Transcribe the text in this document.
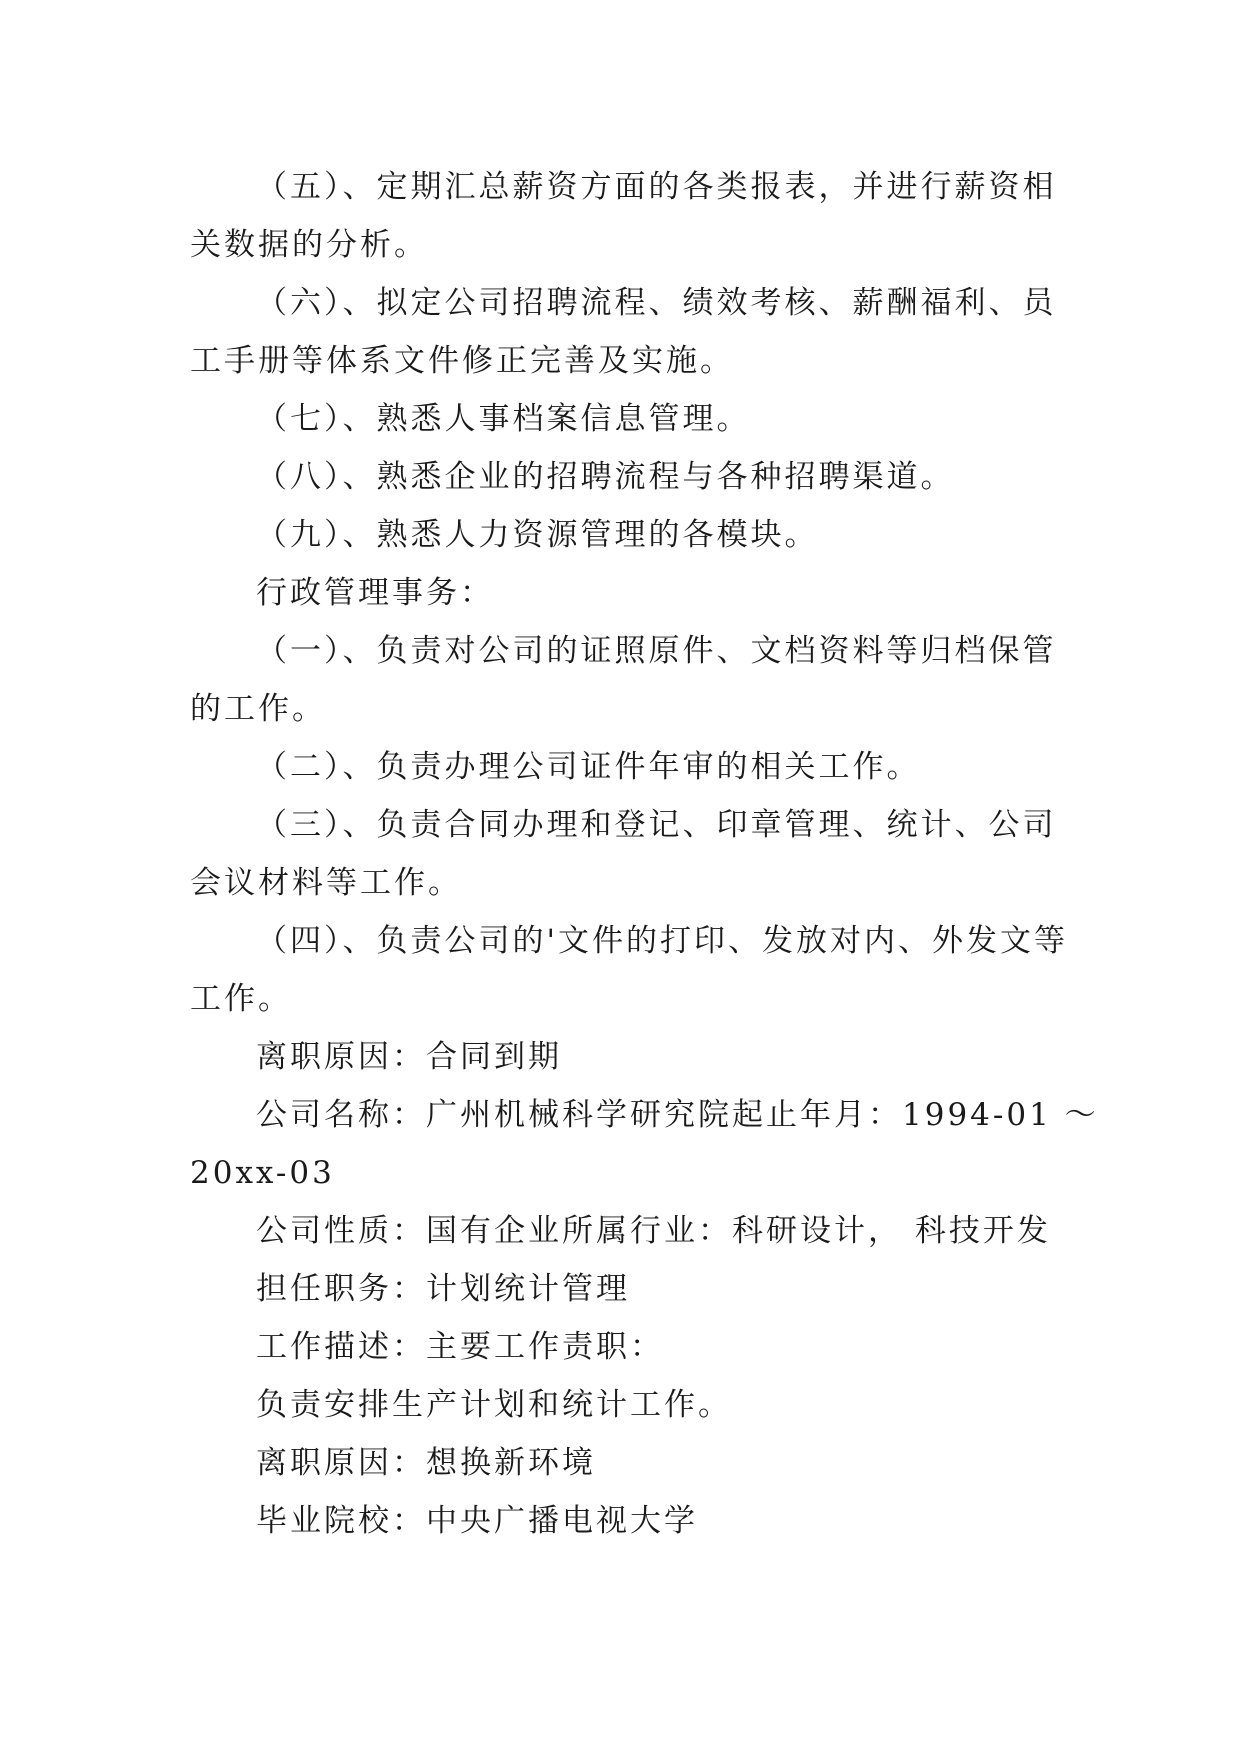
（五）、定期汇总薪资方面的各类报表，并进行薪资相
关数据的分析。
（六）、拟定公司招聘流程、绩效考核、薪酬福利、员
工手册等体系文件修正完善及实施。
（七）、熟悉人事档案信息管理。
（八）、熟悉企业的招聘流程与各种招聘渠道。
（九）、熟悉人力资源管理的各模块。
行政管理事务：
（一）、负责对公司的证照原件、文档资料等归档保管
的工作。
（二）、负责办理公司证件年审的相关工作。
（三）、负责合同办理和登记、印章管理、统计、公司
会议材料等工作。
（四）、负责公司的'文件的打印、发放对内、外发文等
工作。
离职原因：合同到期
公司名称：广州机械科学研究院起止年月：1994-01 ～
20xx-03
公司性质：国有企业所属行业：科研设计， 科技开发
担任职务：计划统计管理
工作描述：主要工作责职：
负责安排生产计划和统计工作。
离职原因：想换新环境
毕业院校：中央广播电视大学
